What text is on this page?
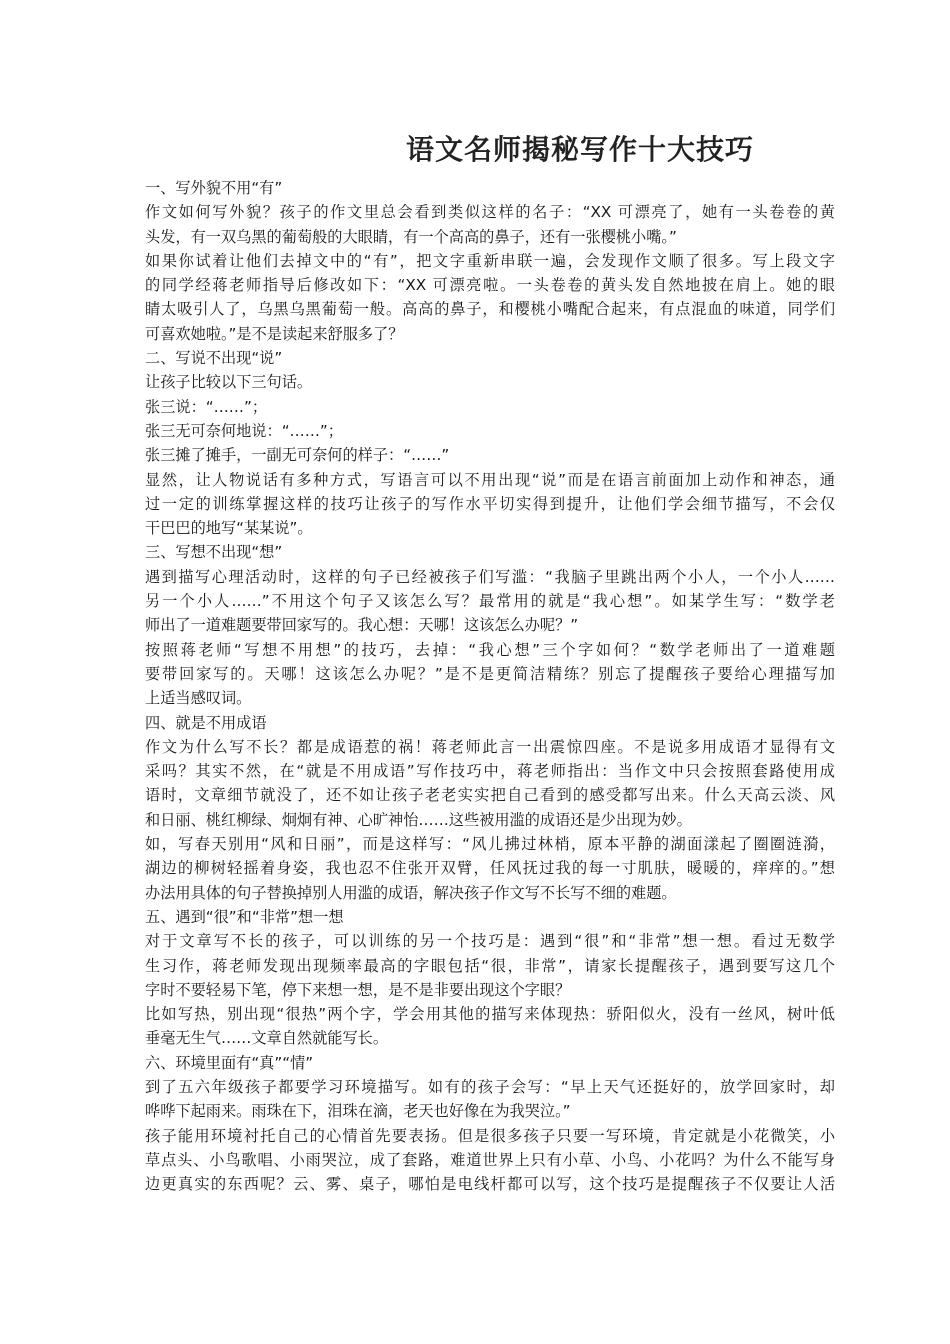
语文名师揭秘写作十大技巧
一、写外貌不用“有”
作文如何写外貌？孩子的作文里总会看到类似这样的名子：“XX 可漂亮了，她有一头卷卷的黄
头发，有一双乌黑的葡萄般的大眼睛，有一个高高的鼻子，还有一张樱桃小嘴。”
如果你试着让他们去掉文中的“有”，把文字重新串联一遍，会发现作文顺了很多。写上段文字
的同学经蒋老师指导后修改如下：“XX 可漂亮啦。一头卷卷的黄头发自然地披在肩上。她的眼
睛太吸引人了，乌黑乌黑葡萄一般。高高的鼻子，和樱桃小嘴配合起来，有点混血的味道，同学们
可喜欢她啦。”是不是读起来舒服多了？
二、写说不出现“说”
让孩子比较以下三句话。
张三说：“……”；
张三无可奈何地说：“……”；
张三摊了摊手，一副无可奈何的样子：“……”
显然，让人物说话有多种方式，写语言可以不用出现“说”而是在语言前面加上动作和神态，通
过一定的训练掌握这样的技巧让孩子的写作水平切实得到提升，让他们学会细节描写，不会仅
干巴巴的地写“某某说”。
三、写想不出现“想”
遇到描写心理活动时，这样的句子已经被孩子们写滥：“我脑子里跳出两个小人，一个小人……
另一个小人……”不用这个句子又该怎么写？最常用的就是“我心想”。如某学生写：“数学老
师出了一道难题要带回家写的。我心想：天哪！这该怎么办呢？”
按照蒋老师“写想不用想”的技巧，去掉：“我心想”三个字如何？“数学老师出了一道难题
要带回家写的。天哪！这该怎么办呢？”是不是更简洁精练？别忘了提醒孩子要给心理描写加
上适当感叹词。
四、就是不用成语
作文为什么写不长？都是成语惹的祸！蒋老师此言一出震惊四座。不是说多用成语才显得有文
采吗？其实不然，在“就是不用成语”写作技巧中，蒋老师指出：当作文中只会按照套路使用成
语时，文章细节就没了，还不如让孩子老老实实把自己看到的感受都写出来。什么天高云淡、风
和日丽、桃红柳绿、炯炯有神、心旷神怡……这些被用滥的成语还是少出现为妙。
如，写春天别用“风和日丽”，而是这样写：“风儿拂过林梢，原本平静的湖面漾起了圈圈涟漪，
湖边的柳树轻摇着身姿，我也忍不住张开双臂，任风抚过我的每一寸肌肤，暖暖的，痒痒的。”想
办法用具体的句子替换掉别人用滥的成语，解决孩子作文写不长写不细的难题。
五、遇到“很”和“非常”想一想
对于文章写不长的孩子，可以训练的另一个技巧是：遇到“很”和“非常”想一想。看过无数学
生习作，蒋老师发现出现频率最高的字眼包括“很，非常”，请家长提醒孩子，遇到要写这几个
字时不要轻易下笔，停下来想一想，是不是非要出现这个字眼？
比如写热，别出现“很热”两个字，学会用其他的描写来体现热：骄阳似火，没有一丝风，树叶低
垂毫无生气……文章自然就能写长。
六、环境里面有“真”“情”
到了五六年级孩子都要学习环境描写。如有的孩子会写：“早上天气还挺好的，放学回家时，却
哗哗下起雨来。雨珠在下，泪珠在滴，老天也好像在为我哭泣。”
孩子能用环境衬托自己的心情首先要表扬。但是很多孩子只要一写环境，肯定就是小花微笑，小
草点头、小鸟歌唱、小雨哭泣，成了套路，难道世界上只有小草、小鸟、小花吗？为什么不能写身
边更真实的东西呢？云、雾、桌子，哪怕是电线杆都可以写，这个技巧是提醒孩子不仅要让人活
